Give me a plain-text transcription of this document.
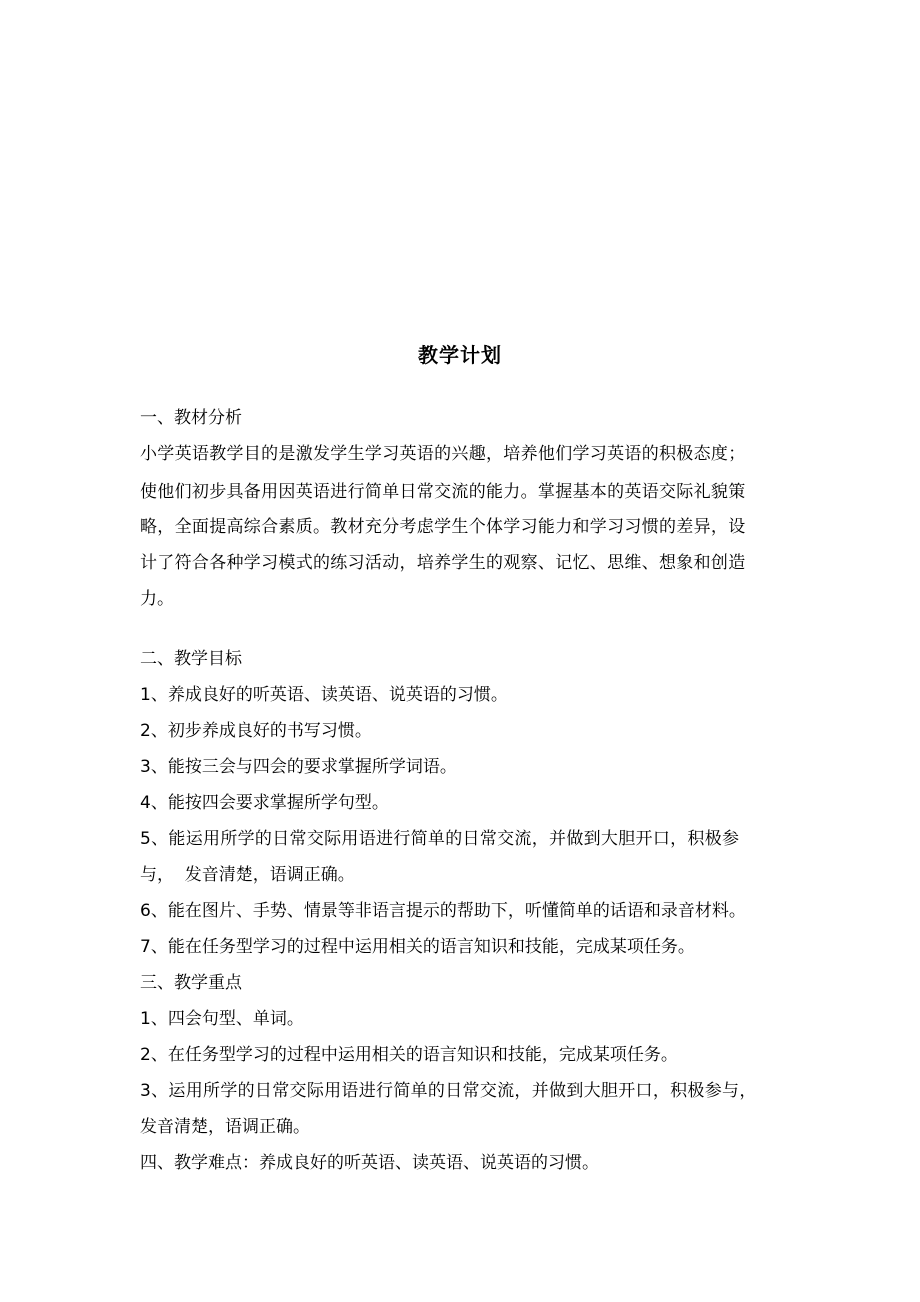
教学计划
一、教材分析
小学英语教学目的是激发学生学习英语的兴趣，培养他们学习英语的积极态度；
使他们初步具备用因英语进行简单日常交流的能力。掌握基本的英语交际礼貌策
略，全面提高综合素质。教材充分考虑学生个体学习能力和学习习惯的差异，设
计了符合各种学习模式的练习活动，培养学生的观察、记忆、思维、想象和创造
力。
二、教学目标
1、养成良好的听英语、读英语、说英语的习惯。
2、初步养成良好的书写习惯。
3、能按三会与四会的要求掌握所学词语。
4、能按四会要求掌握所学句型。
5、能运用所学的日常交际用语进行简单的日常交流，并做到大胆开口，积极参
与，  发音清楚，语调正确。
6、能在图片、手势、情景等非语言提示的帮助下，听懂简单的话语和录音材料。
7、能在任务型学习的过程中运用相关的语言知识和技能，完成某项任务。
三、教学重点
1、四会句型、单词。
2、在任务型学习的过程中运用相关的语言知识和技能，完成某项任务。
3、运用所学的日常交际用语进行简单的日常交流，并做到大胆开口，积极参与，
发音清楚，语调正确。
四、教学难点：养成良好的听英语、读英语、说英语的习惯。
